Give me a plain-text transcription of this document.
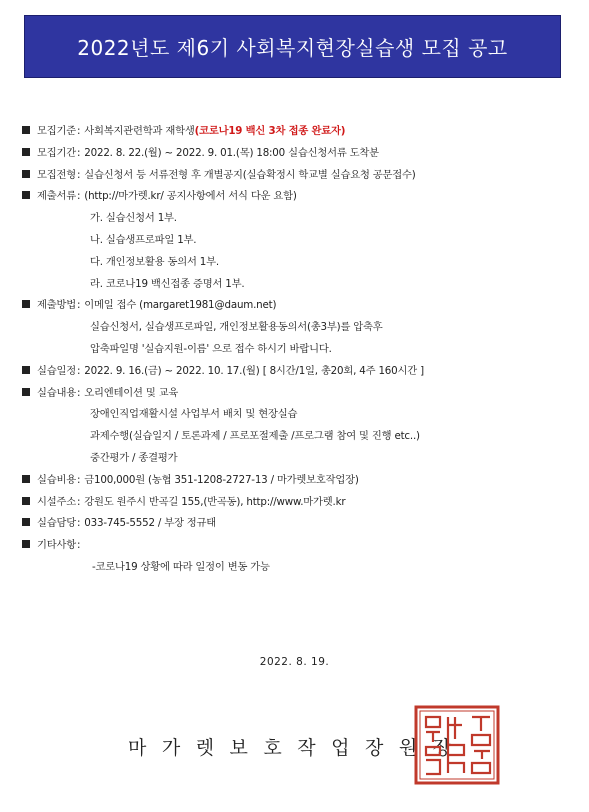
2022년도 제6기 사회복지현장실습생 모집 공고
모집기준: 사회복지관련학과 재학생(코로나19 백신 3차 접종 완료자)
모집기간: 2022. 8. 22.(월) ~ 2022. 9. 01.(목) 18:00 실습신청서류 도착분
모집전형: 실습신청서 등 서류전형 후 개별공지(실습확정시 학교별 실습요청 공문접수)
제출서류: (http://마가렛.kr/ 공지사항에서 서식 다운 요함)
가. 실습신청서 1부.
나. 실습생프로파일 1부.
다. 개인정보활용 동의서 1부.
라. 코로나19 백신접종 증명서 1부.
제출방법: 이메일 접수 (margaret1981@daum.net)
실습신청서, 실습생프로파일, 개인정보활용동의서(총3부)를 압축후
압축파일명 '실습지원-이름' 으로 접수 하시기 바랍니다.
실습일정: 2022. 9. 16.(금) ~ 2022. 10. 17.(월) [ 8시간/1일, 총20회, 4주 160시간 ]
실습내용: 오리엔테이션 및 교육
장애인직업재활시설 사업부서 배치 및 현장실습
과제수행(실습일지 / 토론과제 / 프로포절제출 /프로그램 참여 및 진행 etc..)
중간평가 / 종결평가
실습비용: 금100,000원 (농협 351-1208-2727-13 / 마가렛보호작업장)
시설주소: 강원도 원주시 반곡길 155,(반곡동), http://www.마가렛.kr
실습담당: 033-745-5552 / 부장 정규태
기타사항:
-코로나19 상황에 따라 일정이 변동 가능
2022. 8. 19.
마가렛보호작업장원장
